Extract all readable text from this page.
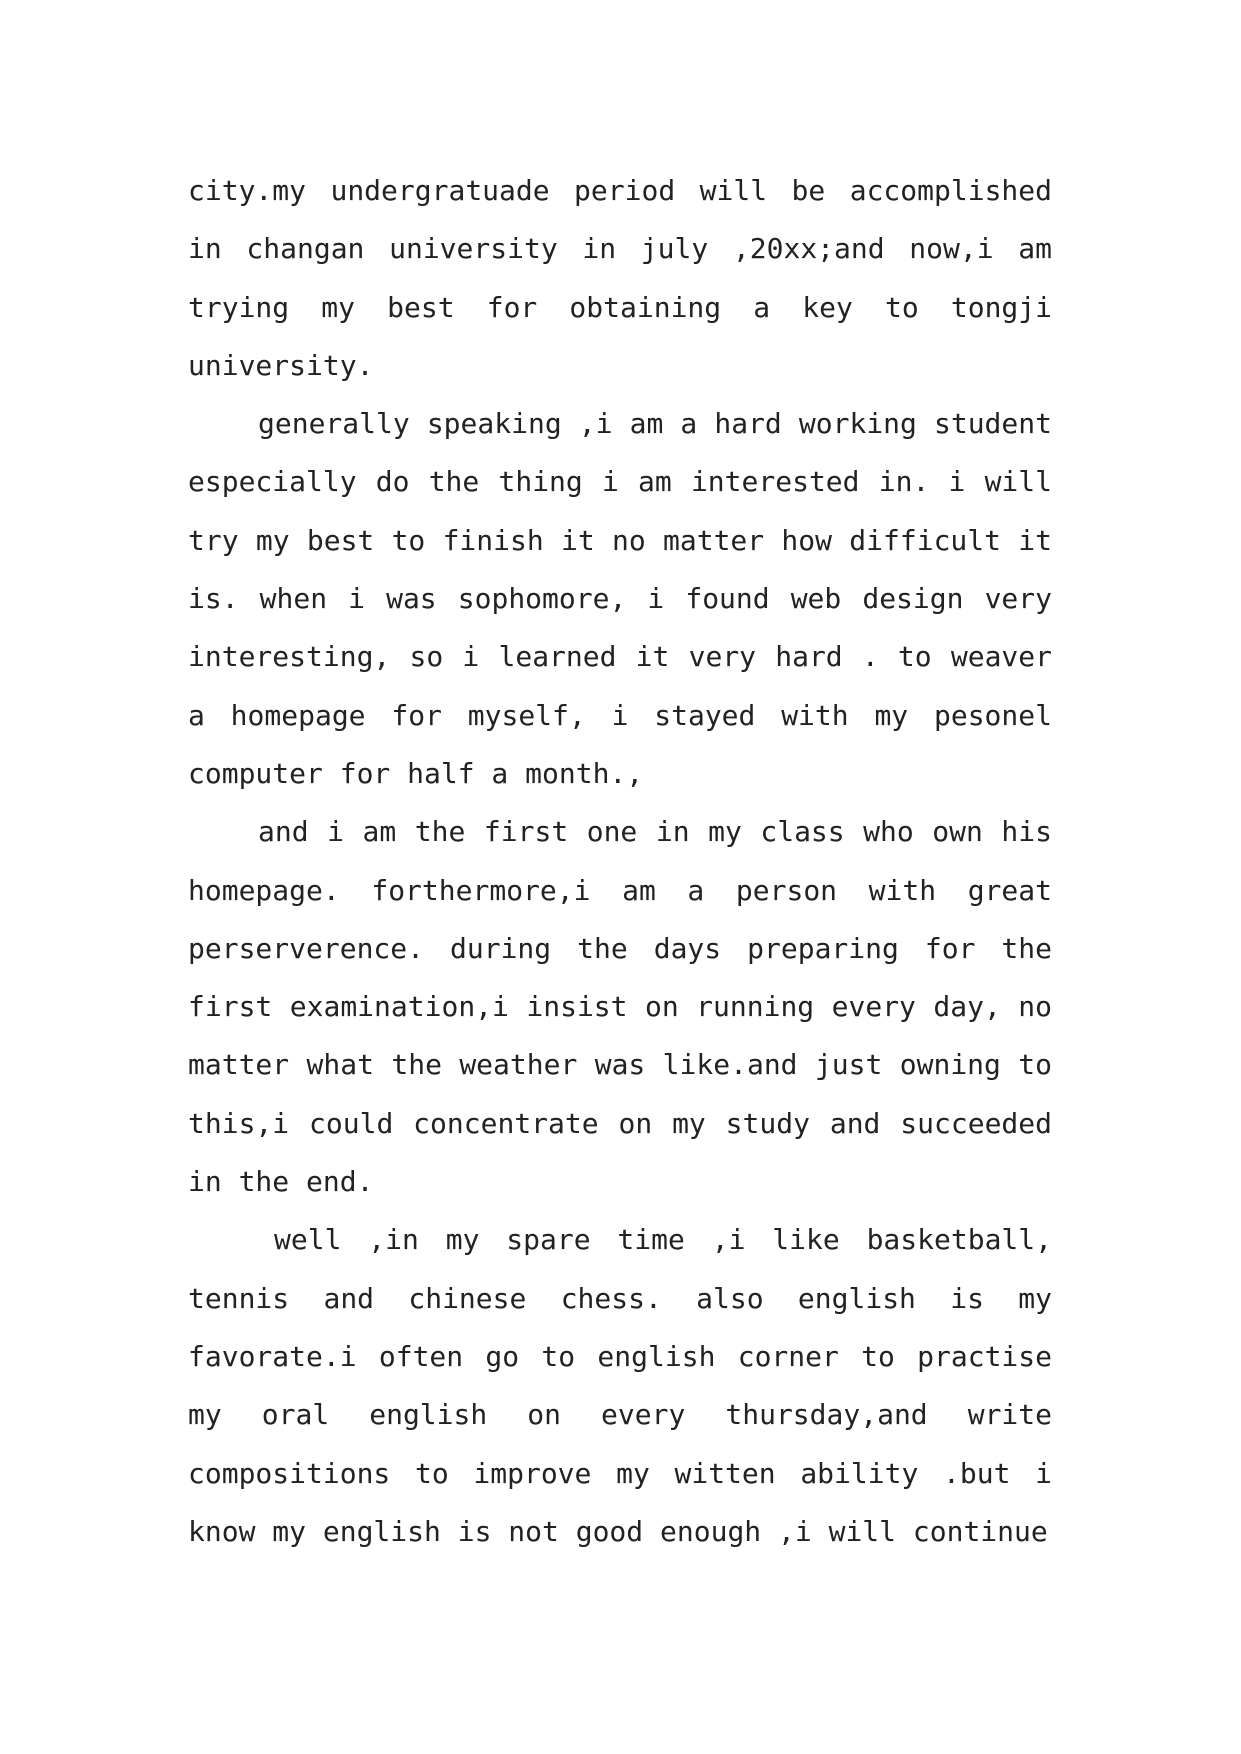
city.my undergratuade period will be accomplished in changan university in july ,20xx;and now,i am trying my best for obtaining a key to tongji university.

generally speaking ,i am a hard working student especially do the thing i am interested in. i will try my best to finish it no matter how difficult it is. when i was sophomore, i found web design very interesting, so i learned it very hard . to weaver a homepage for myself, i stayed with my pesonel computer for half a month.,

and i am the first one in my class who own his homepage. forthermore,i am a person with great perserverence. during the days preparing for the first examination,i insist on running every day, no matter what the weather was like.and just owning to this,i could concentrate on my study and succeeded in the end.

well ,in my spare time ,i like basketball, tennis and chinese chess. also english is my favorate.i often go to english corner to practise my oral english on every thursday,and write compositions to improve my witten ability .but i know my english is not good enough ,i will continue
